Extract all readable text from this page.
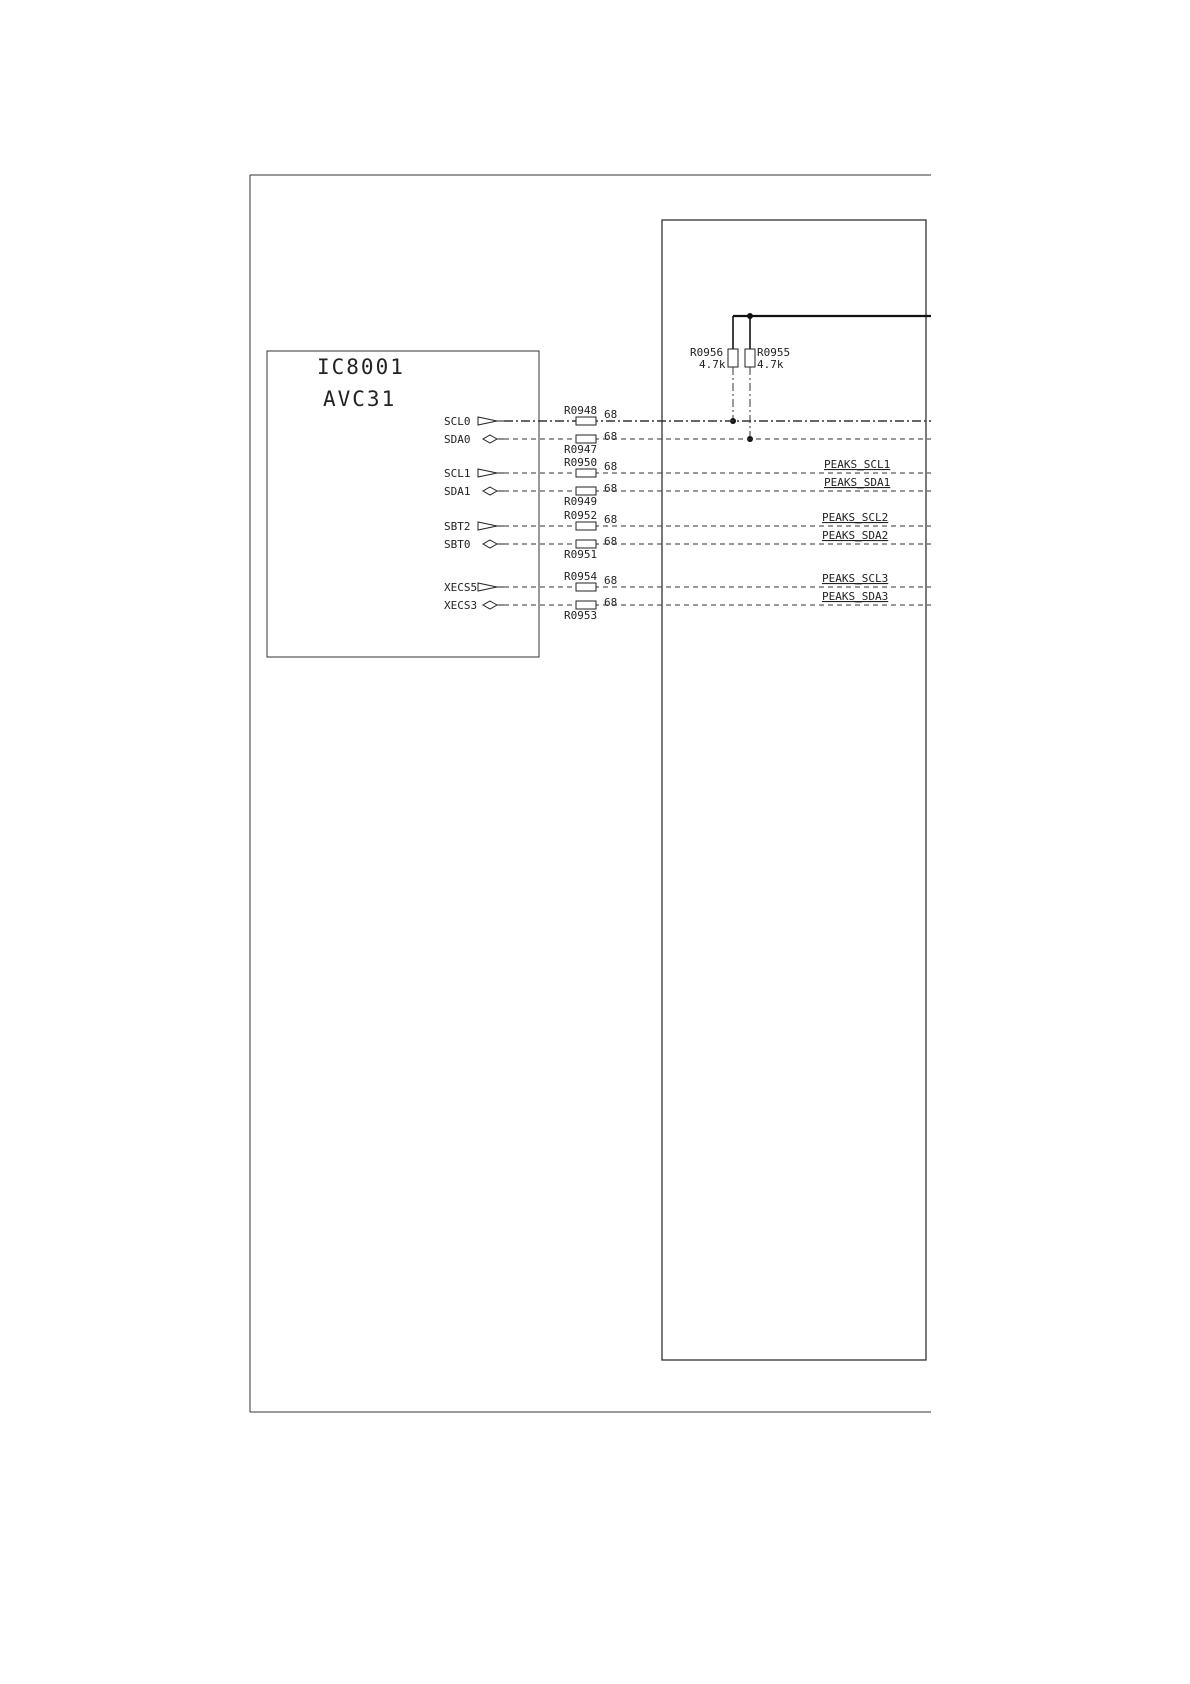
IC8001
AVC31
R0956
4.7k
R0955
4.7k
SCL0
R0948 68
SDA0
R0947
68
SCL1
R0950 68	PEAKS_SCL1
SDA1
R0949
68	PEAKS_SDA1
SBT2
R0952 68	PEAKS_SCL2
SBT0
R0951
68	PEAKS_SDA2
XECS5
R0954 68	PEAKS_SCL3
XECS3
R0953
68	PEAKS_SDA3
